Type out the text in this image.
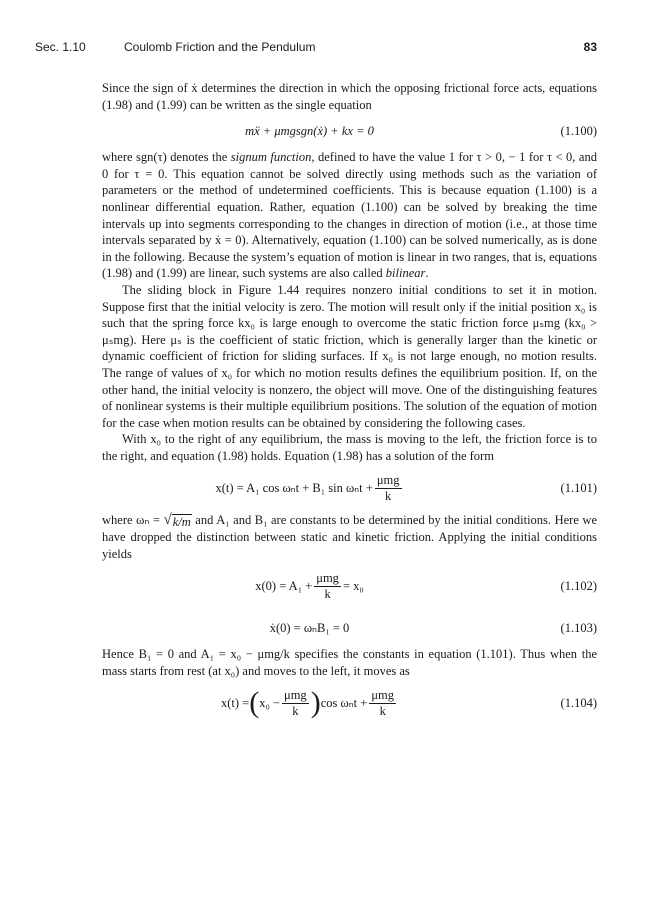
Sec. 1.10	Coulomb Friction and the Pendulum	83

Since the sign of ẋ determines the direction in which the opposing frictional force acts, equations (1.98) and (1.99) can be written as the single equation

mẍ + μmgsgn(ẋ) + kx = 0	(1.100)

where sgn(τ) denotes the signum function, defined to have the value 1 for τ > 0, − 1 for τ < 0, and 0 for τ = 0. This equation cannot be solved directly using methods such as the variation of parameters or the method of undetermined coefficients. This is because equation (1.100) is a nonlinear differential equation. Rather, equation (1.100) can be solved by breaking the time intervals up into segments corresponding to the changes in direction of motion (i.e., at those time intervals separated by ẋ = 0). Alternatively, equation (1.100) can be solved numerically, as is done in the following. Because the system’s equation of motion is linear in two ranges, that is, equations (1.98) and (1.99) are linear, such systems are also called bilinear.

The sliding block in Figure 1.44 requires nonzero initial conditions to set it in motion. Suppose first that the initial velocity is zero. The motion will result only if the initial position x₀ is such that the spring force kx₀ is large enough to overcome the static friction force μₛmg (kx₀ > μₛmg). Here μₛ is the coefficient of static friction, which is generally larger than the kinetic or dynamic coefficient of friction for sliding surfaces. If x₀ is not large enough, no motion results. The range of values of x₀ for which no motion results defines the equilibrium position. If, on the other hand, the initial velocity is nonzero, the object will move. One of the distinguishing features of nonlinear systems is their multiple equilibrium positions. The solution of the equation of motion for the case when motion results can be obtained by considering the following cases.

With x₀ to the right of any equilibrium, the mass is moving to the left, the friction force is to the right, and equation (1.98) holds. Equation (1.98) has a solution of the form

x(t) = A₁ cos ωₙt + B₁ $\sin \omega_nt + \frac{\text{μmg}}{k}$	(1.101)

where ωₙ = √ k/m and A₁ and B₁ are constants to be determined by the initial conditions. Here we have dropped the distinction between static and kinetic friction. Applying the initial conditions yields

$x(0) = A_1 + \frac{\text{μmg}}{k} = x_0$	(1.102)
ẋ(0) = ωₙB₁ = 0	(1.103)

Hence B₁ = 0 and A₁ = x₀ − μmg/k specifies the constants in equation (1.101). Thus when the mass starts from rest (at x₀) and moves to the left, it moves as

x(t) = ( $x_0 - \frac{\text{μmg}}{k}$ ) $\cos \omega_nt + \frac{\text{μmg}}{k}$	(1.104)
